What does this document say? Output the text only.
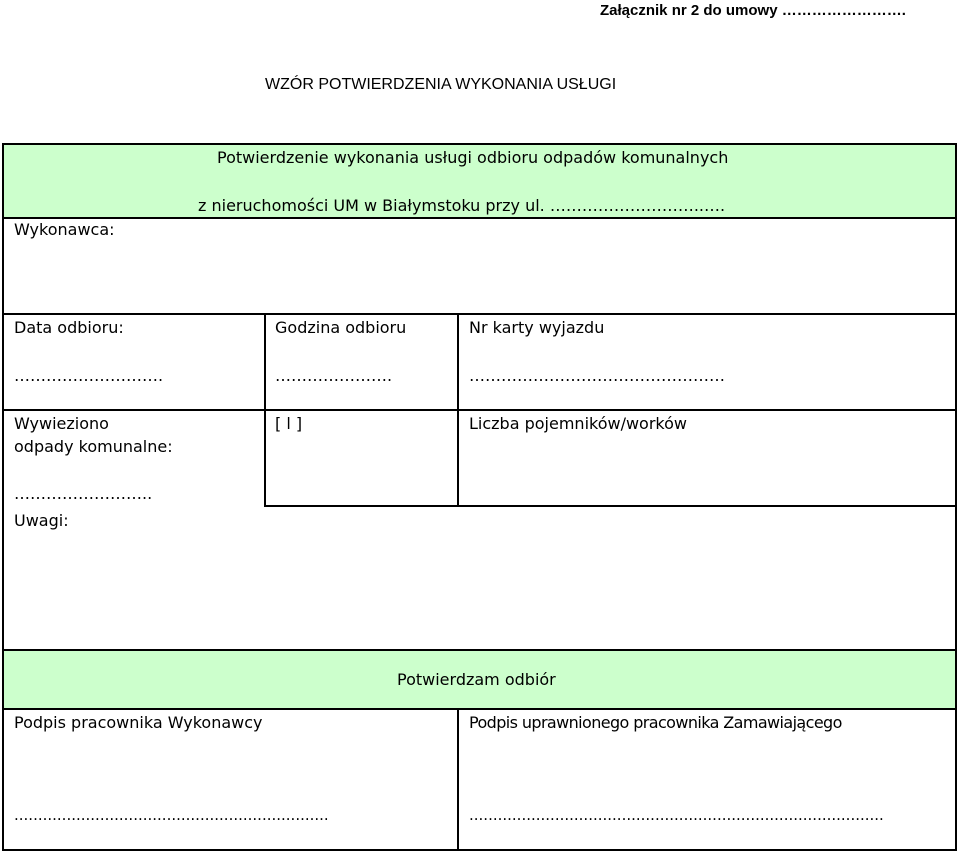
Załącznik nr 2 do umowy …………………….
WZÓR POTWIERDZENIA WYKONANIA USŁUGI
Potwierdzenie wykonania usługi odbioru odpadów komunalnych
z nieruchomości UM w Białymstoku przy ul. ………………………..….
Wykonawca:
Data odbioru:
……………………….
Godzina odbioru
………………….
Nr karty wyjazdu
…………………………………………
Wywieziono
odpady komunalne:
……………………..
[ l ]	Liczba pojemników/worków
Uwagi:
Potwierdzam odbiór
Podpis pracownika Wykonawcy
..................................................................
Podpis uprawnionego pracownika Zamawiającego
.......................................................................................
